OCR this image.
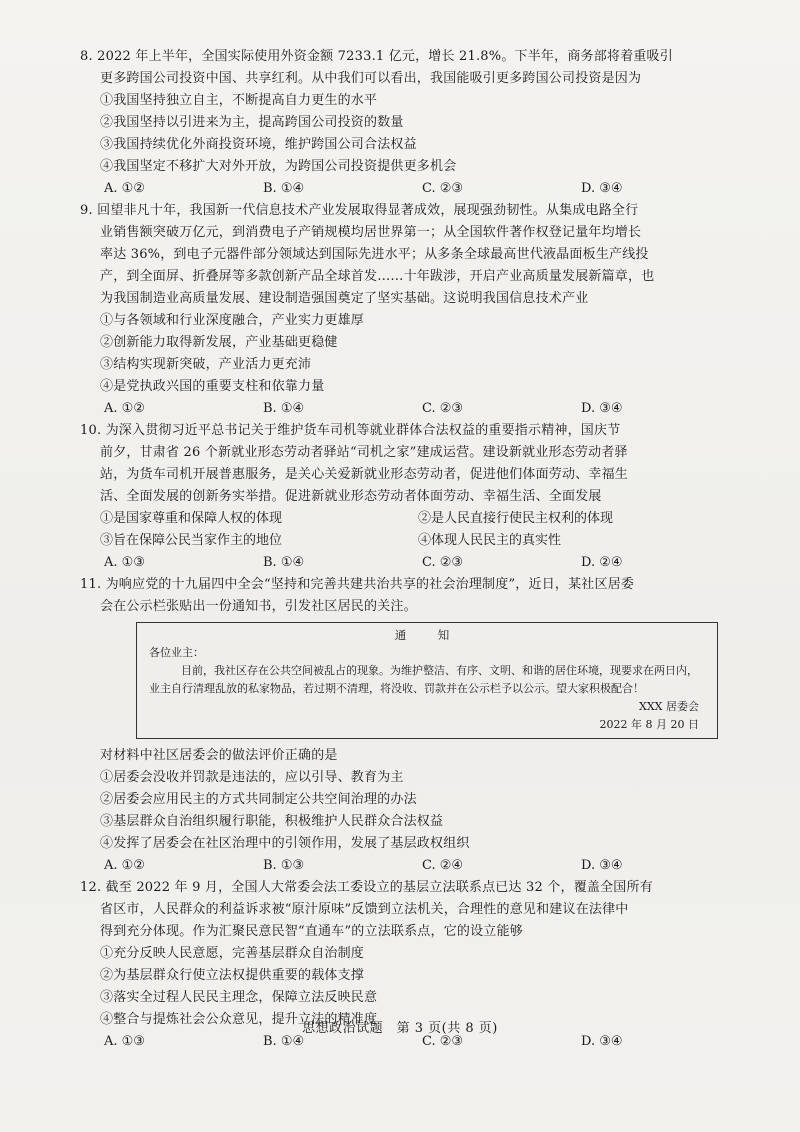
8. 2022 年上半年，全国实际使用外资金额 7233.1 亿元，增长 21.8%。下半年，商务部将着重吸引
更多跨国公司投资中国、共享红利。从中我们可以看出，我国能吸引更多跨国公司投资是因为
①我国坚持独立自主，不断提高自力更生的水平
②我国坚持以引进来为主，提高跨国公司投资的数量
③我国持续优化外商投资环境，维护跨国公司合法权益
④我国坚定不移扩大对外开放，为跨国公司投资提供更多机会
A. ①②	B. ①④	C. ②③	D. ③④
9. 回望非凡十年，我国新一代信息技术产业发展取得显著成效，展现强劲韧性。从集成电路全行
业销售额突破万亿元，到消费电子产销规模均居世界第一；从全国软件著作权登记量年均增长
率达 36%，到电子元器件部分领域达到国际先进水平；从多条全球最高世代液晶面板生产线投
产，到全面屏、折叠屏等多款创新产品全球首发……十年跋涉，开启产业高质量发展新篇章，也
为我国制造业高质量发展、建设制造强国奠定了坚实基础。这说明我国信息技术产业
①与各领域和行业深度融合，产业实力更雄厚
②创新能力取得新发展，产业基础更稳健
③结构实现新突破，产业活力更充沛
④是党执政兴国的重要支柱和依靠力量
A. ①②	B. ①④	C. ②③	D. ③④
10. 为深入贯彻习近平总书记关于维护货车司机等就业群体合法权益的重要指示精神，国庆节
前夕，甘肃省 26 个新就业形态劳动者驿站“司机之家”建成运营。建设新就业形态劳动者驿
站，为货车司机开展普惠服务，是关心关爱新就业形态劳动者，促进他们体面劳动、幸福生
活、全面发展的创新务实举措。促进新就业形态劳动者体面劳动、幸福生活、全面发展
①是国家尊重和保障人权的体现	②是人民直接行使民主权利的体现
③旨在保障公民当家作主的地位	④体现人民民主的真实性
A. ①③	B. ①④	C. ②③	D. ②④
11. 为响应党的十九届四中全会“坚持和完善共建共治共享的社会治理制度”，近日，某社区居委
会在公示栏张贴出一份通知书，引发社区居民的关注。
通　知
各位业主：
目前，我社区存在公共空间被乱占的现象。为维护整洁、有序、文明、和谐的居住环境，现要求在两日内，业主自行清理乱放的私家物品，若过期不清理，将没收、罚款并在公示栏予以公示。望大家积极配合！
XXX 居委会
2022 年 8 月 20 日
对材料中社区居委会的做法评价正确的是
①居委会没收并罚款是违法的，应以引导、教育为主
②居委会应用民主的方式共同制定公共空间治理的办法
③基层群众自治组织履行职能，积极维护人民群众合法权益
④发挥了居委会在社区治理中的引领作用，发展了基层政权组织
A. ①②	B. ①③	C. ②④	D. ③④
12. 截至 2022 年 9 月，全国人大常委会法工委设立的基层立法联系点已达 32 个，覆盖全国所有
省区市，人民群众的利益诉求被“原汁原味”反馈到立法机关，合理性的意见和建议在法律中
得到充分体现。作为汇聚民意民智“直通车”的立法联系点，它的设立能够
①充分反映人民意愿，完善基层群众自治制度
②为基层群众行使立法权提供重要的载体支撑
③落实全过程人民民主理念，保障立法反映民意
④整合与提炼社会公众意见，提升立法的精准度
A. ①③	B. ①④	C. ②③	D. ③④
思想政治试题　第 3 页(共 8 页)
